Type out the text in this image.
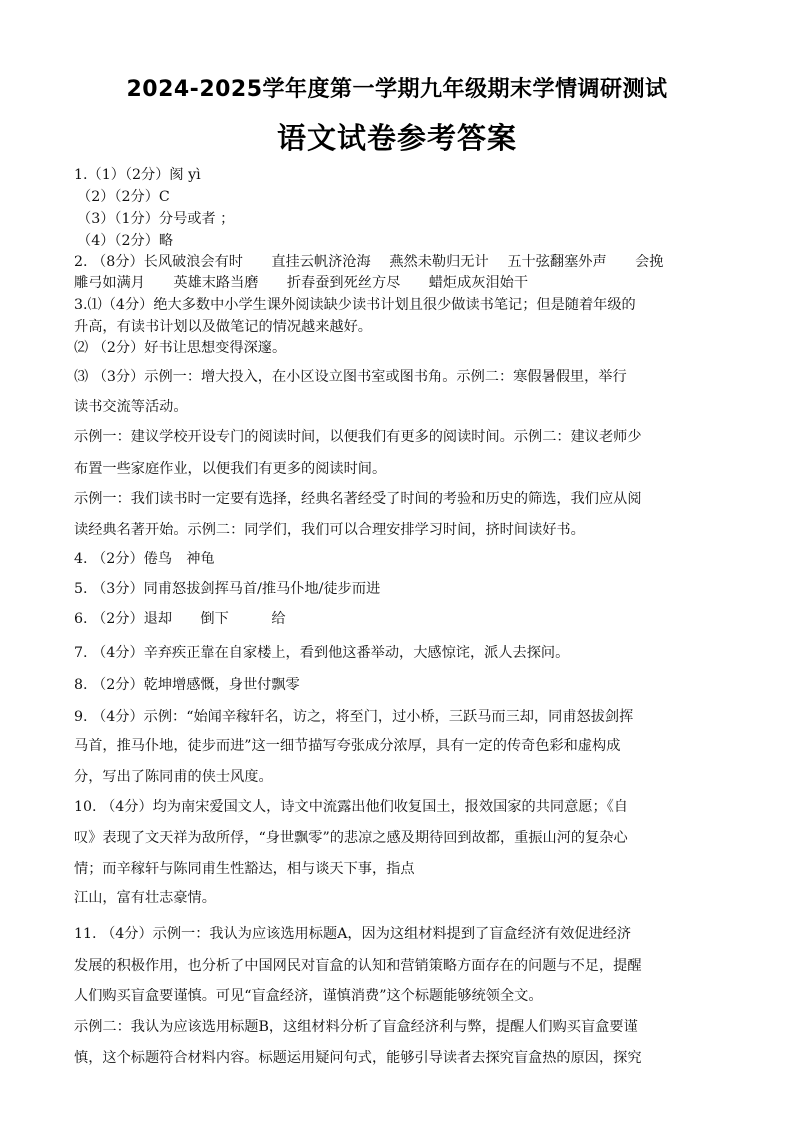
2024-2025学年度第一学期九年级期末学情调研测试
语文试卷参考答案
1.（1）（2分）阂 yì
（2）（2分）C
（3）（1分）分号或者 ；
（4）（2分）略
2. （8分）长风破浪会有时　　直挂云帆济沧海　 燕然未勒归无计　 五十弦翻塞外声　　会挽
雕弓如满月　　英雄末路当磨　　折春蚕到死丝方尽　　蜡炬成灰泪始干
3.⑴（4分）绝大多数中小学生课外阅读缺少读书计划且很少做读书笔记；但是随着年级的
升高，有读书计划以及做笔记的情况越来越好。
⑵ （2分）好书让思想变得深邃。
⑶ （3分）示例一：增大投入，在小区设立图书室或图书角。示例二：寒假暑假里，举行
读书交流等活动。
示例一：建议学校开设专门的阅读时间，以便我们有更多的阅读时间。示例二：建议老师少
布置一些家庭作业，以便我们有更多的阅读时间。
示例一：我们读书时一定要有选择，经典名著经受了时间的考验和历史的筛选，我们应从阅
读经典名著开始。示例二：同学们，我们可以合理安排学习时间，挤时间读好书。
4. （2分）倦鸟　神龟
5. （3分）同甫怒拔剑挥马首/推马仆地/徒步而进
6. （2分）退却　　倒下　　　给
7. （4分）辛弃疾正靠在自家楼上，看到他这番举动，大感惊诧，派人去探问。
8. （2分）乾坤增感慨，身世付飘零
9. （4分）示例：“始闻辛稼轩名，访之，将至门，过小桥，三跃马而三却，同甫怒拔剑挥
马首，推马仆地，徒步而进”这一细节描写夸张成分浓厚，具有一定的传奇色彩和虚构成
分，写出了陈同甫的侠士风度。
10. （4分）均为南宋爱国文人，诗文中流露出他们收复国土，报效国家的共同意愿；《自
叹》表现了文天祥为敌所俘，“身世飘零”的悲凉之感及期待回到故都，重振山河的复杂心
情；而辛稼轩与陈同甫生性豁达，相与谈天下事，指点
江山，富有壮志豪情。
11. （4分）示例一：我认为应该选用标题A，因为这组材料提到了盲盒经济有效促进经济
发展的积极作用，也分析了中国网民对盲盒的认知和营销策略方面存在的问题与不足，提醒
人们购买盲盒要谨慎。可见“盲盒经济，谨慎消费”这个标题能够统领全文。
示例二：我认为应该选用标题B，这组材料分析了盲盒经济利与弊，提醒人们购买盲盒要谨
慎，这个标题符合材料内容。标题运用疑问句式，能够引导读者去探究盲盒热的原因，探究
